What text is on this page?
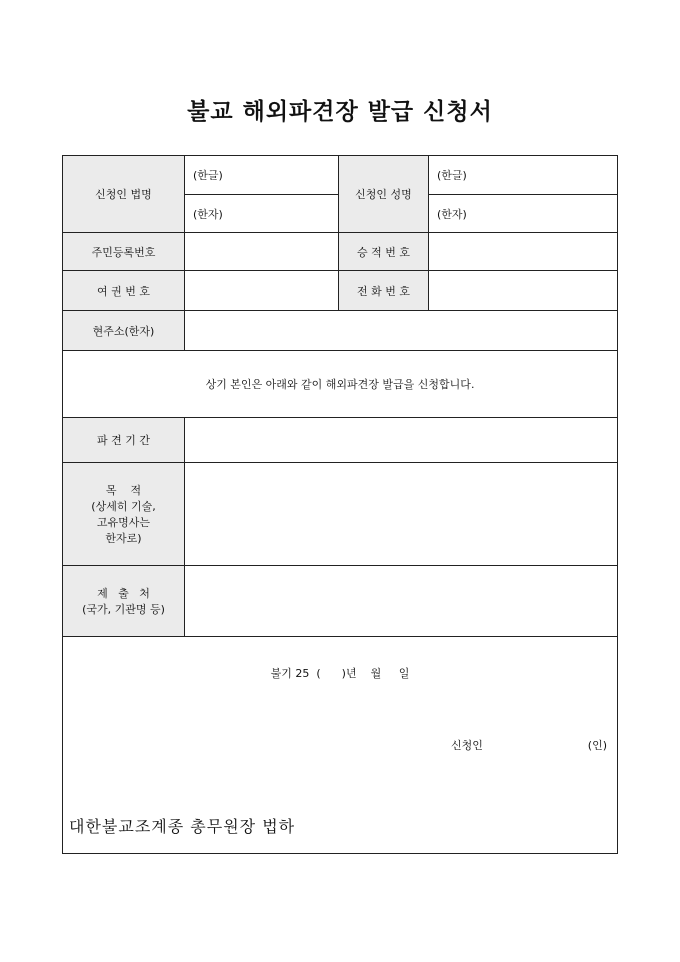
불교 해외파견장 발급 신청서
신청인 법명	(한글)	신청인 성명	(한글)
	(한자)		(한자)
주민등록번호		승 적 번 호	
여 권 번 호		전 화 번 호	
현주소(한자)			
상기 본인은 아래와 같이 해외파견장 발급을 신청합니다.			
파 견 기 간			

목    적
(상세히 기술,
고유명사는
한자로)			

제   출   처
(국가, 기관명 등)			

불기 25  (      )년    월     일
신청인 (인)
대한불교조계종 총무원장 법하			
